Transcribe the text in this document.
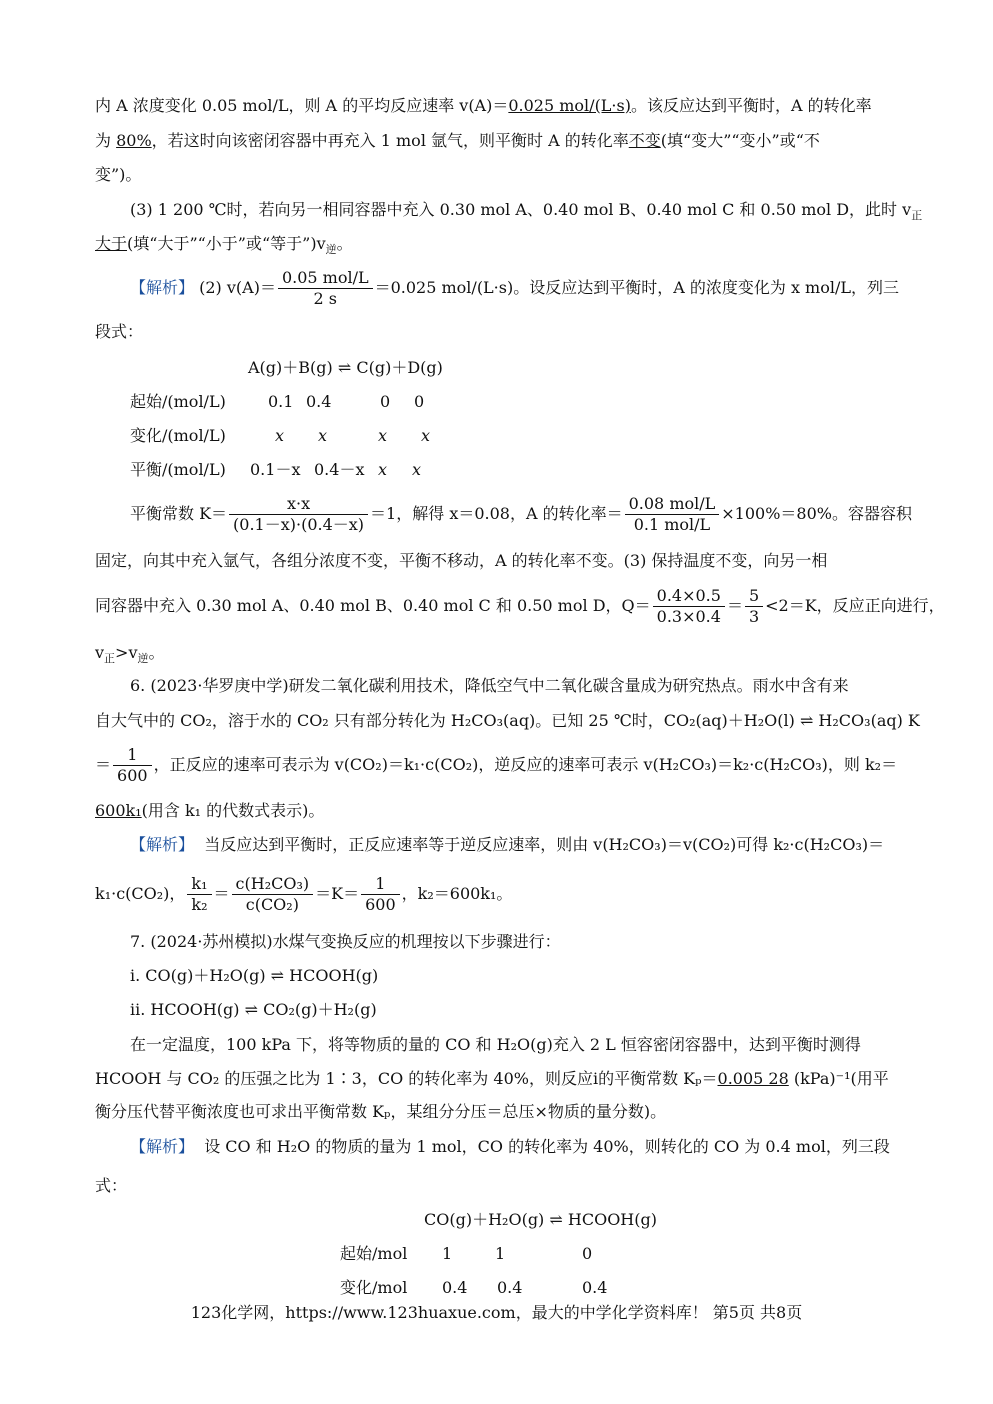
内 A 浓度变化 0.05 mol/L，则 A 的平均反应速率 v(A)＝0.025 mol/(L·s)。该反应达到平衡时，A 的转化率
为 80%，若这时向该密闭容器中再充入 1 mol 氩气，则平衡时 A 的转化率不变(填“变大”“变小”或“不
变”)。
(3) 1 200 ℃时，若向另一相同容器中充入 0.30 mol A、0.40 mol B、0.40 mol C 和 0.50 mol D，此时 $v_正$
大于(填“大于”“小于”或“等于$”)v_逆$。
【解析】 (2) $v(A)= \frac{\text{0.05 mol/L}}{2 s} =0.025$ mol/(L·s)。设反应达到平衡时，A 的浓度变化为 x mol/L，列三
段式：
A(g)＋B(g) ⇌ C(g)＋D(g)
起始/(mol/L)	0.1 0.4	0 0
变化/(mol/L)	x x	x x
平衡/(mol/L) 0.1－x 0.4－x x x
平衡常数 $K= \frac{x\cdot x}{(0.1-x)\cdot(0.4-x)} =1$，解得 x＝0.08，A 的转化率＝ $\frac{\text{0.08 mol/L}}{\text{0.1 mol/L}} \times 100\%=80\%$。容器容积
固定，向其中充入氩气，各组分浓度不变，平衡不移动，A 的转化率不变。(3) 保持温度不变，向另一相
同容器中充入 0.30 mol A、0.40 mol B、0.40 mol C 和 0.50 mol D，$Q= \frac{0.4\times 0.5}{0.3\times 0.4} = \frac{5}{3} <2=K$，反应正向进行，
$v_正>v_逆$。
6. (2023·华罗庚中学)研发二氧化碳利用技术，降低空气中二氧化碳含量成为研究热点。雨水中含有来
自大气中的 CO₂，溶于水的 CO₂ 只有部分转化为 H₂CO₃(aq)。已知 25 ℃时，CO₂(aq)＋H₂O(l) ⇌ H₂CO₃(aq) K
＝ $\frac{1}{600}$ ，正反应的速率可表示为 v(CO₂)＝k₁·c(CO₂)，逆反应的速率可表示 v(H₂CO₃)＝k₂·c(H₂CO₃)，则 k₂＝
600k₁(用含 k₁ 的代数式表示)。
【解析】 当反应达到平衡时，正反应速率等于逆反应速率，则由 v(H₂CO₃)＝v(CO₂)可得 k₂·c(H₂CO₃)＝
k₁·c(CO₂)， $\frac{\text{k₁}}{\text{k₂}} = \frac{\text{c(H₂CO₃)}}{\text{c(CO₂)}} =K= \frac{1}{600}$ ，k₂＝600k₁。
7. (2024·苏州模拟)水煤气变换反应的机理按以下步骤进行：
ⅰ. CO(g)＋H₂O(g) ⇌ HCOOH(g)
ⅱ. HCOOH(g) ⇌ CO₂(g)＋H₂(g)
在一定温度，100 kPa 下，将等物质的量的 CO 和 H₂O(g)充入 2 L 恒容密闭容器中，达到平衡时测得
HCOOH 与 CO₂ 的压强之比为 1∶3，CO 的转化率为 40%，则反应ⅰ的平衡常数 Kₚ＝0.005 28 (kPa)⁻¹(用平
衡分压代替平衡浓度也可求出平衡常数 Kₚ，某组分分压＝总压×物质的量分数)。
【解析】 设 CO 和 H₂O 的物质的量为 1 mol，CO 的转化率为 40%，则转化的 CO 为 0.4 mol，列三段
式：
CO(g)＋H₂O(g) ⇌ HCOOH(g)
起始/mol 1	1	0
变化/mol 0.4 0.4	0.4
123化学网，https://www.123huaxue.com，最大的中学化学资料库！ 第5页 共8页
